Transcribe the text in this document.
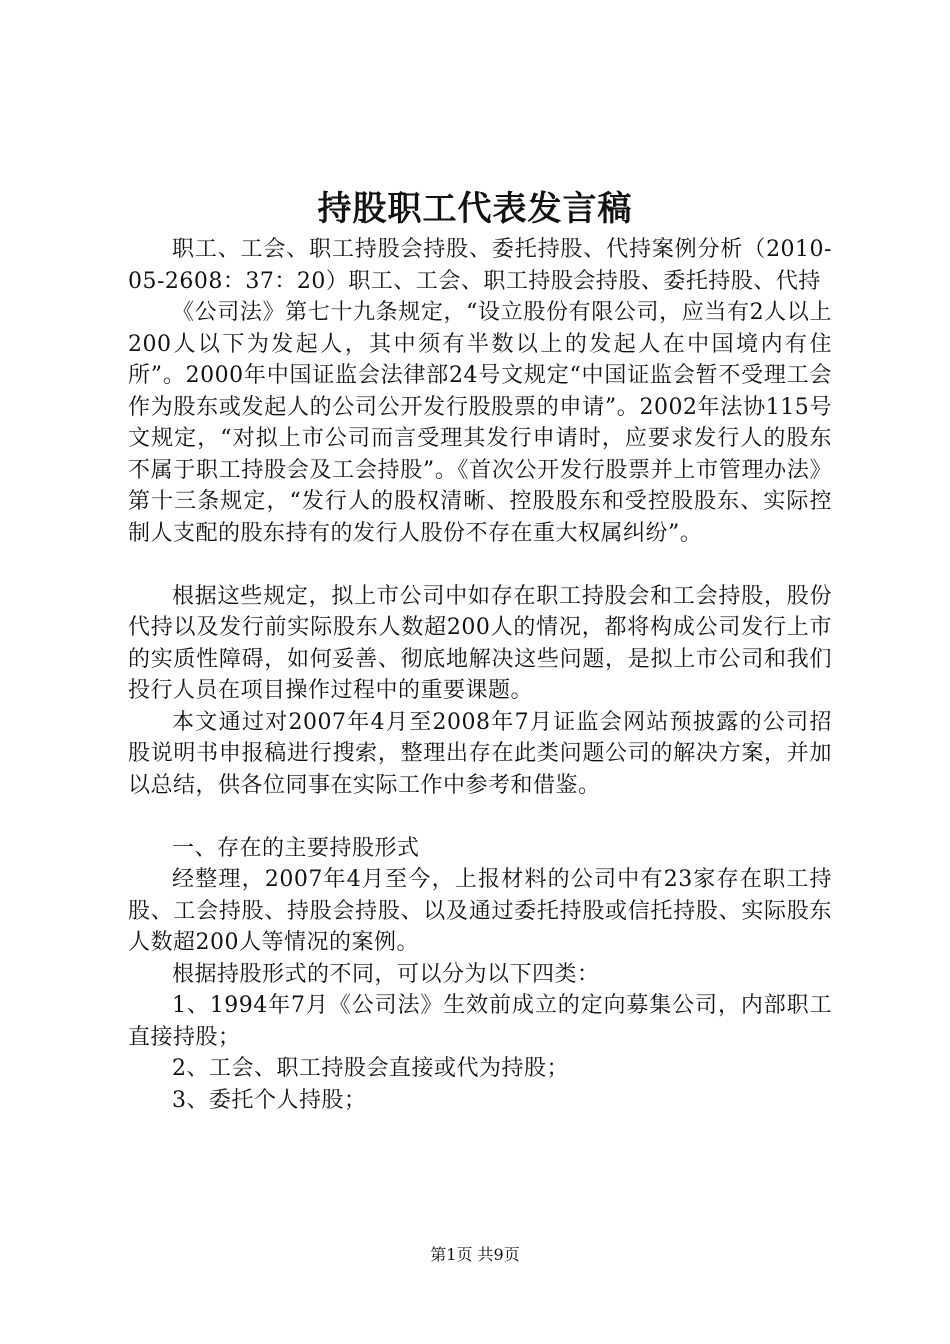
持股职工代表发言稿

职工、工会、职工持股会持股、委托持股、代持案例分析（2010-05-2608：37：20）职工、工会、职工持股会持股、委托持股、代持

《公司法》第七十九条规定，“设立股份有限公司，应当有2人以上200人以下为发起人，其中须有半数以上的发起人在中国境内有住所”。2000年中国证监会法律部24号文规定“中国证监会暂不受理工会作为股东或发起人的公司公开发行股股票的申请”。2002年法协115号文规定，“对拟上市公司而言受理其发行申请时，应要求发行人的股东不属于职工持股会及工会持股”。《首次公开发行股票并上市管理办法》第十三条规定，“发行人的股权清晰、控股股东和受控股股东、实际控制人支配的股东持有的发行人股份不存在重大权属纠纷”。

根据这些规定，拟上市公司中如存在职工持股会和工会持股，股份代持以及发行前实际股东人数超200人的情况，都将构成公司发行上市的实质性障碍，如何妥善、彻底地解决这些问题，是拟上市公司和我们投行人员在项目操作过程中的重要课题。

本文通过对2007年4月至2008年7月证监会网站预披露的公司招股说明书申报稿进行搜索，整理出存在此类问题公司的解决方案，并加以总结，供各位同事在实际工作中参考和借鉴。

一、存在的主要持股形式

经整理，2007年4月至今，上报材料的公司中有23家存在职工持股、工会持股、持股会持股、以及通过委托持股或信托持股、实际股东人数超200人等情况的案例。

根据持股形式的不同，可以分为以下四类：

1、1994年7月《公司法》生效前成立的定向募集公司，内部职工直接持股；

2、工会、职工持股会直接或代为持股；

3、委托个人持股；

第1页 共9页
